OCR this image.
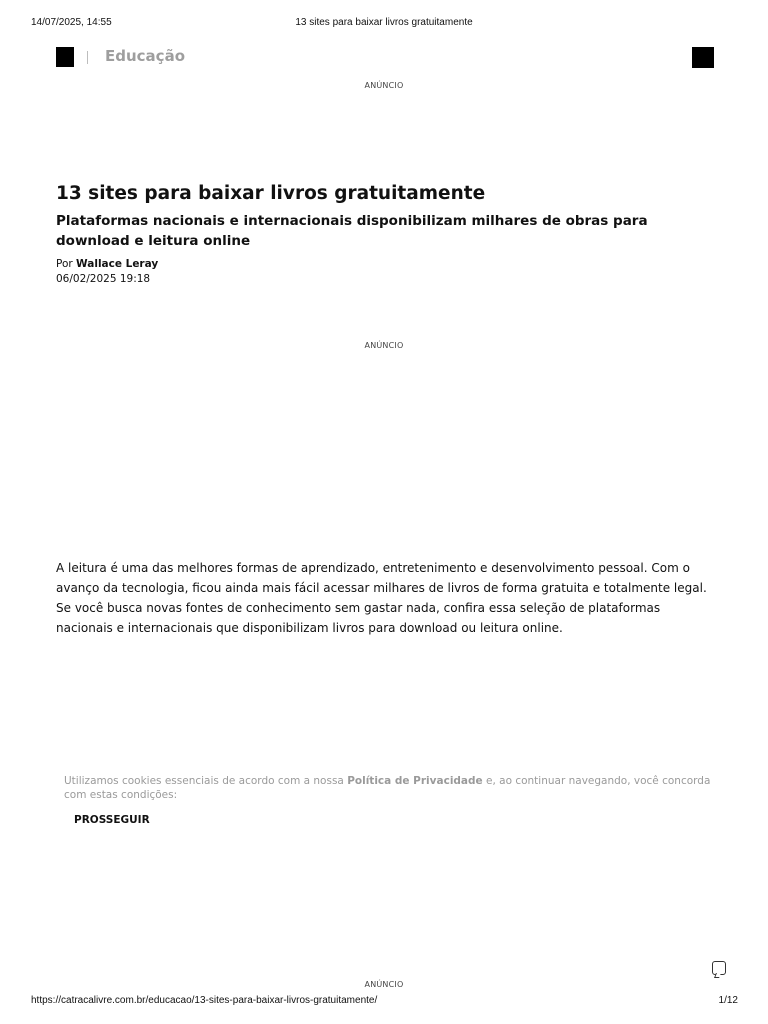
14/07/2025, 14:55	13 sites para baixar livros gratuitamente
Educação
ANÚNCIO
13 sites para baixar livros gratuitamente
Plataformas nacionais e internacionais disponibilizam milhares de obras para download e leitura online
Por Wallace Leray
06/02/2025 19:18
ANÚNCIO

A leitura é uma das melhores formas de aprendizado, entretenimento e desenvolvimento pessoal. Com o avanço da tecnologia, ficou ainda mais fácil acessar milhares de livros de forma gratuita e totalmente legal. Se você busca novas fontes de conhecimento sem gastar nada, confira essa seleção de plataformas nacionais e internacionais que disponibilizam livros para download ou leitura online.

Utilizamos cookies essenciais de acordo com a nossa Política de Privacidade e, ao continuar navegando, você concorda com estas condições:

PROSSEGUIR
ANÚNCIO
https://catracalivre.com.br/educacao/13-sites-para-baixar-livros-gratuitamente/	1/12
